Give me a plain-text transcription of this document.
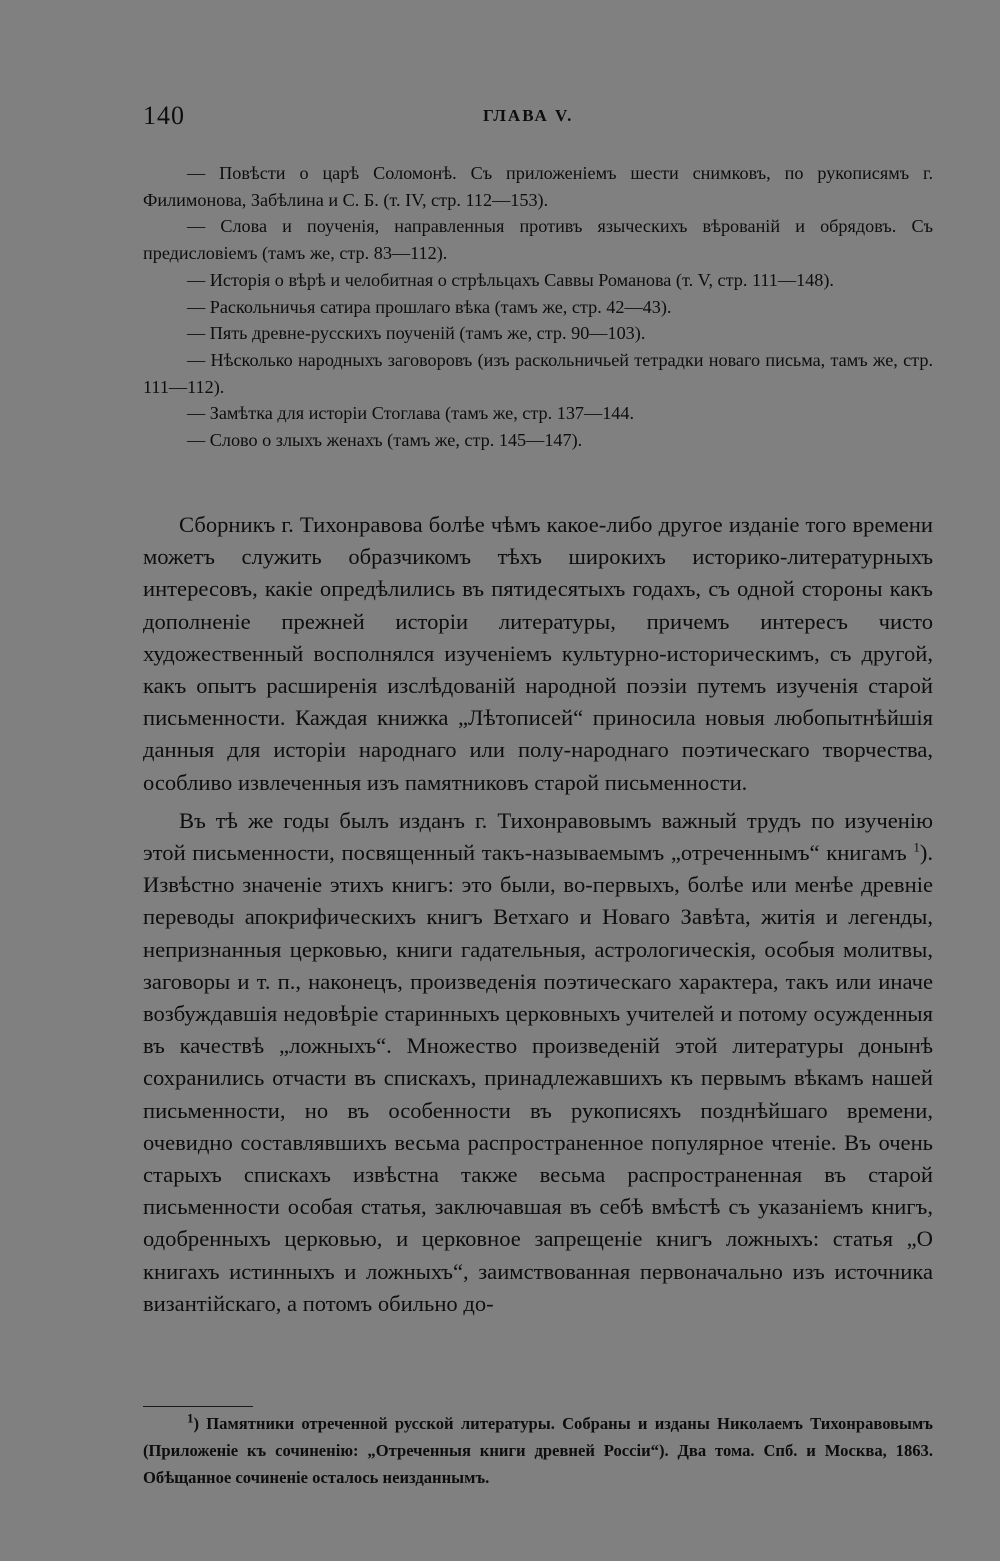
140	ГЛАВА V.

— Повѣсти о царѣ Соломонѣ. Съ приложеніемъ шести снимковъ, по рукописямъ г. Филимонова, Забѣлина и С. Б. (т. IV, стр. 112—153).

— Слова и поученія, направленныя противъ языческихъ вѣрованій и обрядовъ. Съ предисловіемъ (тамъ же, стр. 83—112).

— Исторія о вѣрѣ и челобитная о стрѣльцахъ Саввы Романова (т. V, стр. 111—148).

— Раскольничья сатира прошлаго вѣка (тамъ же, стр. 42—43).

— Пять древне-русскихъ поученій (тамъ же, стр. 90—103).

— Нѣсколько народныхъ заговоровъ (изъ раскольничьей тетрадки новаго письма, тамъ же, стр. 111—112).

— Замѣтка для исторіи Стоглава (тамъ же, стр. 137—144.

— Слово о злыхъ женахъ (тамъ же, стр. 145—147).

Сборникъ г. Тихонравова болѣе чѣмъ какое-либо другое изданіе того времени можетъ служить образчикомъ тѣхъ широкихъ историко-литературныхъ интересовъ, какіе опредѣлились въ пятидесятыхъ годахъ, съ одной стороны какъ дополненіе прежней исторіи литературы, причемъ интересъ чисто художественный восполнялся изученіемъ культурно-историческимъ, съ другой, какъ опытъ расширенія изслѣдованій народной поэзіи путемъ изученія старой письменности. Каждая книжка „Лѣтописей“ приносила новыя любопытнѣйшія данныя для исторіи народнаго или полу-народнаго поэтическаго творчества, особливо извлеченныя изъ памятниковъ старой письменности.

Въ тѣ же годы былъ изданъ г. Тихонравовымъ важный трудъ по изученію этой письменности, посвященный такъ-называемымъ „отреченнымъ“ книгамъ $^1$). Извѣстно значеніе этихъ книгъ: это были, во-первыхъ, болѣе или менѣе древніе переводы апокрифическихъ книгъ Ветхаго и Новаго Завѣта, житія и легенды, непризнанныя церковью, книги гадательныя, астрологическія, особыя молитвы, заговоры и т. п., наконецъ, произведенія поэтическаго характера, такъ или иначе возбуждавшія недовѣріе старинныхъ церковныхъ учителей и потому осужденныя въ качествѣ „ложныхъ“. Множество произведеній этой литературы донынѣ сохранились отчасти въ спискахъ, принадлежавшихъ къ первымъ вѣкамъ нашей письменности, но въ особенности въ рукописяхъ позднѣйшаго времени, очевидно составлявшихъ весьма распространенное популярное чтеніе. Въ очень старыхъ спискахъ извѣстна также весьма распространенная въ старой письменности особая статья, заключавшая въ себѣ вмѣстѣ съ указаніемъ книгъ, одобренныхъ церковью, и церковное запрещеніе книгъ ложныхъ: статья „О книгахъ истинныхъ и ложныхъ“, заимствованная первоначально изъ источника византійскаго, а потомъ обильно до-

$^1$) Памятники отреченной русской литературы. Собраны и изданы Николаемъ Тихонравовымъ (Приложеніе къ сочиненію: „Отреченныя книги древней Россіи“). Два тома. Спб. и Москва, 1863. Обѣщанное сочиненіе осталось неизданнымъ.
